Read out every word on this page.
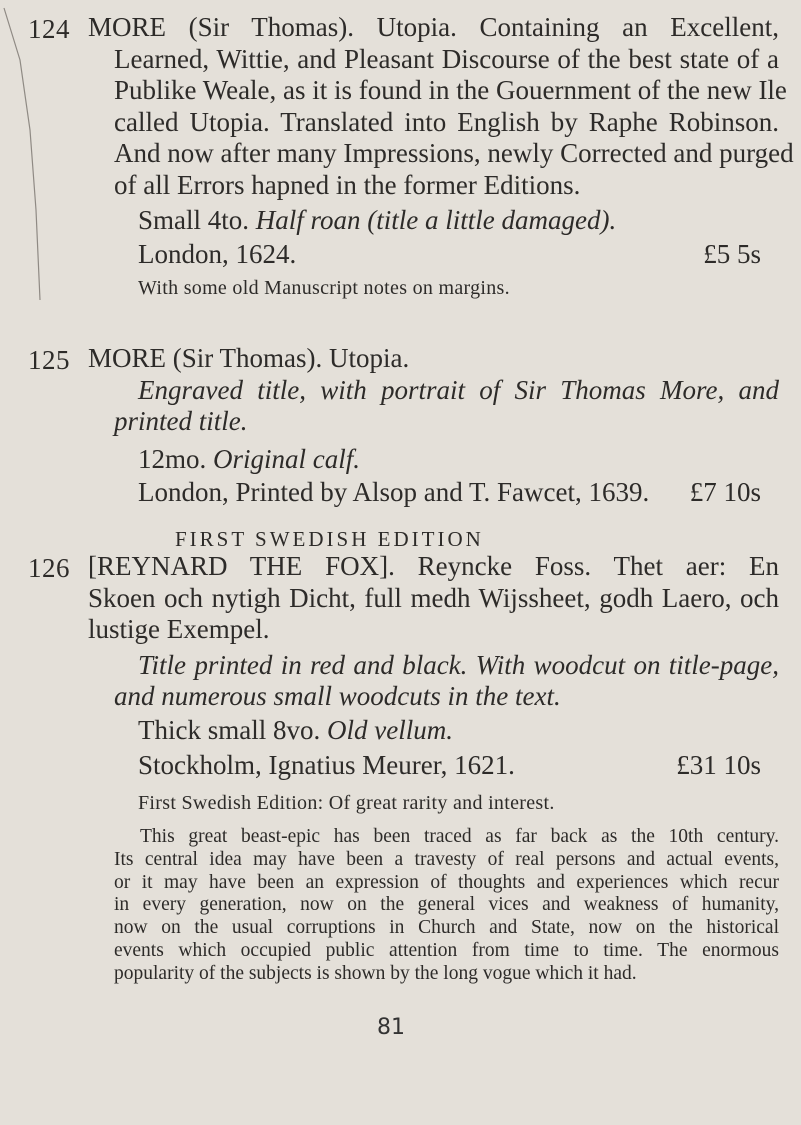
124 MORE (Sir Thomas). Utopia. Containing an Excellent,
Learned, Wittie, and Pleasant Discourse of the best state of a
Publike Weale, as it is found in the Gouernment of the new Ile
called Utopia. Translated into English by Raphe Robinson.
And now after many Impressions, newly Corrected and purged
of all Errors hapned in the former Editions.
Small 4to. Half roan (title a little damaged).
London, 1624.	£5 5s
With some old Manuscript notes on margins.
125 MORE (Sir Thomas). Utopia.
Engraved title, with portrait of Sir Thomas More, and
printed title.
12mo. Original calf.
London, Printed by Alsop and T. Fawcet, 1639. £7 10s
FIRST SWEDISH EDITION
126 [REYNARD THE FOX]. Reyncke Foss. Thet aer: En
Skoen och nytigh Dicht, full medh Wijssheet, godh Laero, och
lustige Exempel.
Title printed in red and black. With woodcut on title-page,
and numerous small woodcuts in the text.
Thick small 8vo. Old vellum.
Stockholm, Ignatius Meurer, 1621.	£31 10s
First Swedish Edition: Of great rarity and interest.
This great beast-epic has been traced as far back as the 10th century.
Its central idea may have been a travesty of real persons and actual events,
or it may have been an expression of thoughts and experiences which recur
in every generation, now on the general vices and weakness of humanity,
now on the usual corruptions in Church and State, now on the historical
events which occupied public attention from time to time. The enormous
popularity of the subjects is shown by the long vogue which it had.
81
